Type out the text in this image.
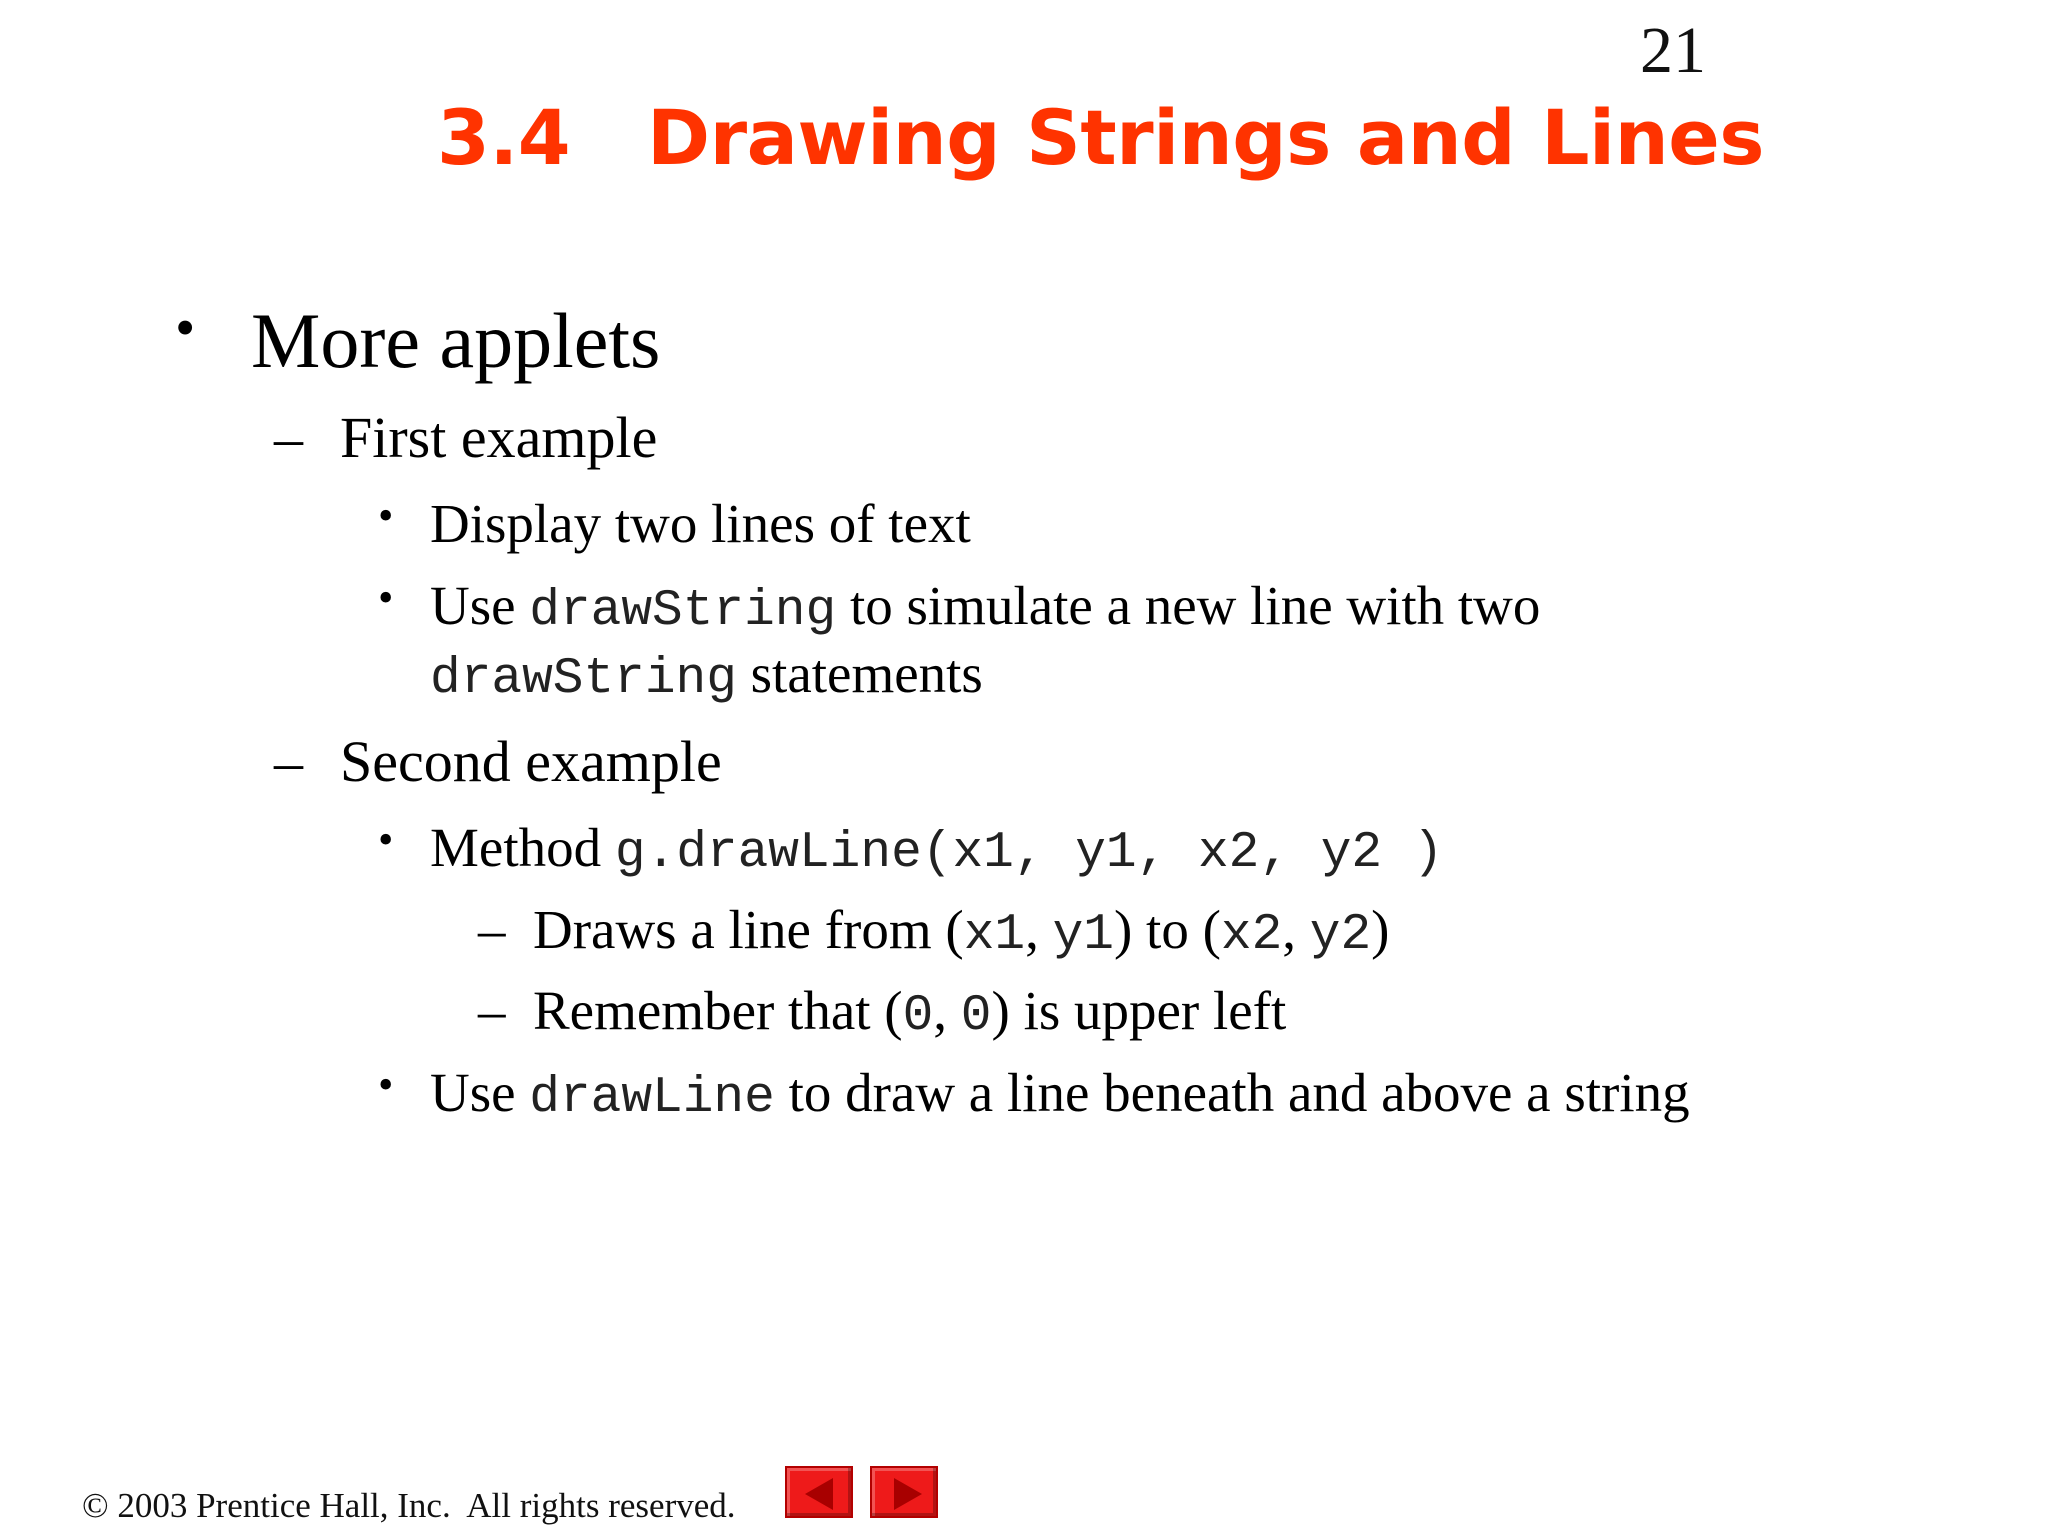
21
3.4 Drawing Strings and Lines
• More applets
– First example
• Display two lines of text
• Use drawString to simulate a new line with two
drawString statements
– Second example
• Method g.drawLine(x1, y1, x2, y2 )
– Draws a line from (x1, y1) to (x2, y2)
– Remember that (0, 0) is upper left
• Use drawLine to draw a line beneath and above a string
© 2003 Prentice Hall, Inc.  All rights reserved.
